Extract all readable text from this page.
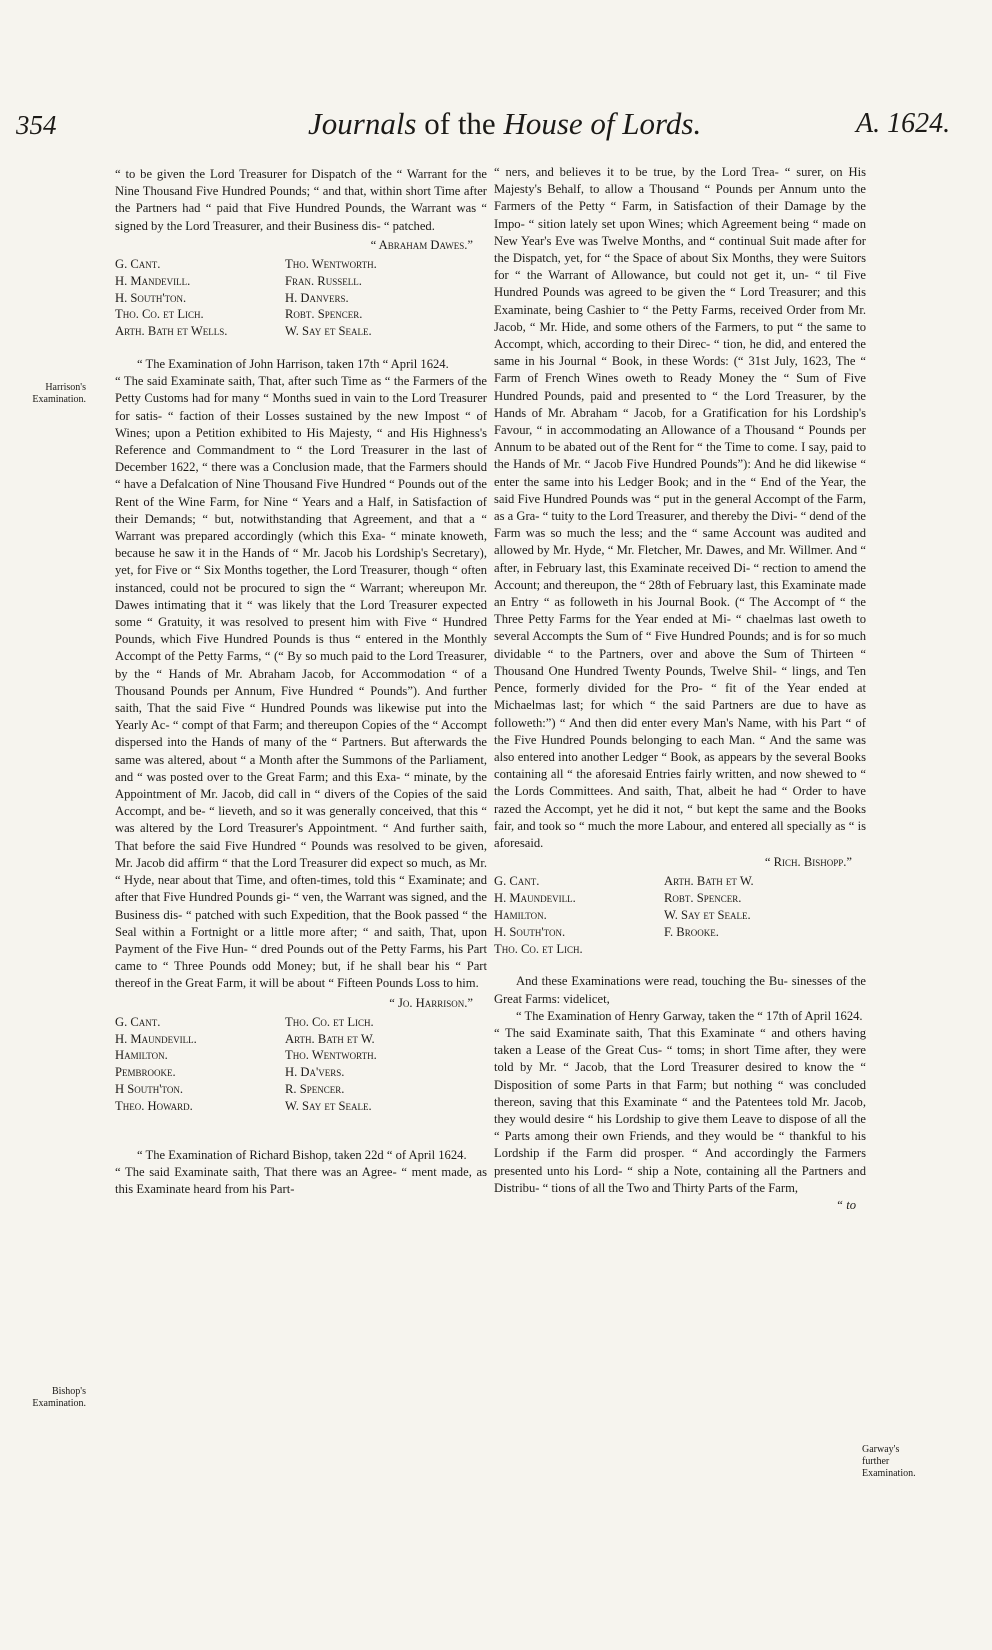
354	Journals of the House of Lords.	A. 1624.
Harrison's Examination.
Bishop's Examination.
Garway's further Examination.

“ to be given the Lord Treasurer for Dispatch of the “ Warrant for the Nine Thousand Five Hundred Pounds; “ and that, within short Time after the Partners had “ paid that Five Hundred Pounds, the Warrant was “ signed by the Lord Treasurer, and their Business dis- “ patched.

“ Abraham Dawes.”
G. Cant.	Tho. Wentworth.
H. Mandevill.	Fran. Russell.
H. South'ton.	H. Danvers.
Tho. Co. et Lich.	Robt. Spencer.
Arth. Bath et Wells.	W. Say et Seale.

“ The Examination of John Harrison, taken 17th “ April 1624.

“ The said Examinate saith, That, after such Time as “ the Farmers of the Petty Customs had for many “ Months sued in vain to the Lord Treasurer for satis- “ faction of their Losses sustained by the new Impost “ of Wines; upon a Petition exhibited to His Majesty, “ and His Highness's Reference and Commandment to “ the Lord Treasurer in the last of December 1622, “ there was a Conclusion made, that the Farmers should “ have a Defalcation of Nine Thousand Five Hundred “ Pounds out of the Rent of the Wine Farm, for Nine “ Years and a Half, in Satisfaction of their Demands; “ but, notwithstanding that Agreement, and that a “ Warrant was prepared accordingly (which this Exa- “ minate knoweth, because he saw it in the Hands of “ Mr. Jacob his Lordship's Secretary), yet, for Five or “ Six Months together, the Lord Treasurer, though “ often instanced, could not be procured to sign the “ Warrant; whereupon Mr. Dawes intimating that it “ was likely that the Lord Treasurer expected some “ Gratuity, it was resolved to present him with Five “ Hundred Pounds, which Five Hundred Pounds is thus “ entered in the Monthly Accompt of the Petty Farms, “ (“ By so much paid to the Lord Treasurer, by the “ Hands of Mr. Abraham Jacob, for Accommodation “ of a Thousand Pounds per Annum, Five Hundred “ Pounds”). And further saith, That the said Five “ Hundred Pounds was likewise put into the Yearly Ac- “ compt of that Farm; and thereupon Copies of the “ Accompt dispersed into the Hands of many of the “ Partners. But afterwards the same was altered, about “ a Month after the Summons of the Parliament, and “ was posted over to the Great Farm; and this Exa- “ minate, by the Appointment of Mr. Jacob, did call in “ divers of the Copies of the said Accompt, and be- “ lieveth, and so it was generally conceived, that this “ was altered by the Lord Treasurer's Appointment. “ And further saith, That before the said Five Hundred “ Pounds was resolved to be given, Mr. Jacob did affirm “ that the Lord Treasurer did expect so much, as Mr. “ Hyde, near about that Time, and often-times, told this “ Examinate; and after that Five Hundred Pounds gi- “ ven, the Warrant was signed, and the Business dis- “ patched with such Expedition, that the Book passed “ the Seal within a Fortnight or a little more after; “ and saith, That, upon Payment of the Five Hun- “ dred Pounds out of the Petty Farms, his Part came to “ Three Pounds odd Money; but, if he shall bear his “ Part thereof in the Great Farm, it will be about “ Fifteen Pounds Loss to him.

“ Jo. Harrison.”
G. Cant.	Tho. Co. et Lich.
H. Maundevill.	Arth. Bath et W.
Hamilton.	Tho. Wentworth.
Pembrooke.	H. Da'vers.
H South'ton.	R. Spencer.
Theo. Howard.	W. Say et Seale.

“ The Examination of Richard Bishop, taken 22d “ of April 1624.

“ The said Examinate saith, That there was an Agree- “ ment made, as this Examinate heard from his Part-

“ ners, and believes it to be true, by the Lord Trea- “ surer, on His Majesty's Behalf, to allow a Thousand “ Pounds per Annum unto the Farmers of the Petty “ Farm, in Satisfaction of their Damage by the Impo- “ sition lately set upon Wines; which Agreement being “ made on New Year's Eve was Twelve Months, and “ continual Suit made after for the Dispatch, yet, for “ the Space of about Six Months, they were Suitors for “ the Warrant of Allowance, but could not get it, un- “ til Five Hundred Pounds was agreed to be given the “ Lord Treasurer; and this Examinate, being Cashier to “ the Petty Farms, received Order from Mr. Jacob, “ Mr. Hide, and some others of the Farmers, to put “ the same to Accompt, which, according to their Direc- “ tion, he did, and entered the same in his Journal “ Book, in these Words: (“ 31st July, 1623, The “ Farm of French Wines oweth to Ready Money the “ Sum of Five Hundred Pounds, paid and presented to “ the Lord Treasurer, by the Hands of Mr. Abraham “ Jacob, for a Gratification for his Lordship's Favour, “ in accommodating an Allowance of a Thousand “ Pounds per Annum to be abated out of the Rent for “ the Time to come. I say, paid to the Hands of Mr. “ Jacob Five Hundred Pounds”): And he did likewise “ enter the same into his Ledger Book; and in the “ End of the Year, the said Five Hundred Pounds was “ put in the general Accompt of the Farm, as a Gra- “ tuity to the Lord Treasurer, and thereby the Divi- “ dend of the Farm was so much the less; and the “ same Account was audited and allowed by Mr. Hyde, “ Mr. Fletcher, Mr. Dawes, and Mr. Willmer. And “ after, in February last, this Examinate received Di- “ rection to amend the Account; and thereupon, the “ 28th of February last, this Examinate made an Entry “ as followeth in his Journal Book. (“ The Accompt of “ the Three Petty Farms for the Year ended at Mi- “ chaelmas last oweth to several Accompts the Sum of “ Five Hundred Pounds; and is for so much dividable “ to the Partners, over and above the Sum of Thirteen “ Thousand One Hundred Twenty Pounds, Twelve Shil- “ lings, and Ten Pence, formerly divided for the Pro- “ fit of the Year ended at Michaelmas last; for which “ the said Partners are due to have as followeth:”) “ And then did enter every Man's Name, with his Part “ of the Five Hundred Pounds belonging to each Man. “ And the same was also entered into another Ledger “ Book, as appears by the several Books containing all “ the aforesaid Entries fairly written, and now shewed to “ the Lords Committees. And saith, That, albeit he had “ Order to have razed the Accompt, yet he did it not, “ but kept the same and the Books fair, and took so “ much the more Labour, and entered all specially as “ is aforesaid.

“ Rich. Bishopp.”
G. Cant.	Arth. Bath et W.
H. Maundevill.	Robt. Spencer.
Hamilton.	W. Say et Seale.
H. South'ton.	F. Brooke.
Tho. Co. et Lich.

And these Examinations were read, touching the Bu- sinesses of the Great Farms: videlicet,

“ The Examination of Henry Garway, taken the “ 17th of April 1624.

“ The said Examinate saith, That this Examinate “ and others having taken a Lease of the Great Cus- “ toms; in short Time after, they were told by Mr. “ Jacob, that the Lord Treasurer desired to know the “ Disposition of some Parts in that Farm; but nothing “ was concluded thereon, saving that this Examinate “ and the Patentees told Mr. Jacob, they would desire “ his Lordship to give them Leave to dispose of all the “ Parts among their own Friends, and they would be “ thankful to his Lordship if the Farm did prosper. “ And accordingly the Farmers presented unto his Lord- “ ship a Note, containing all the Partners and Distribu- “ tions of all the Two and Thirty Parts of the Farm,

“ to
